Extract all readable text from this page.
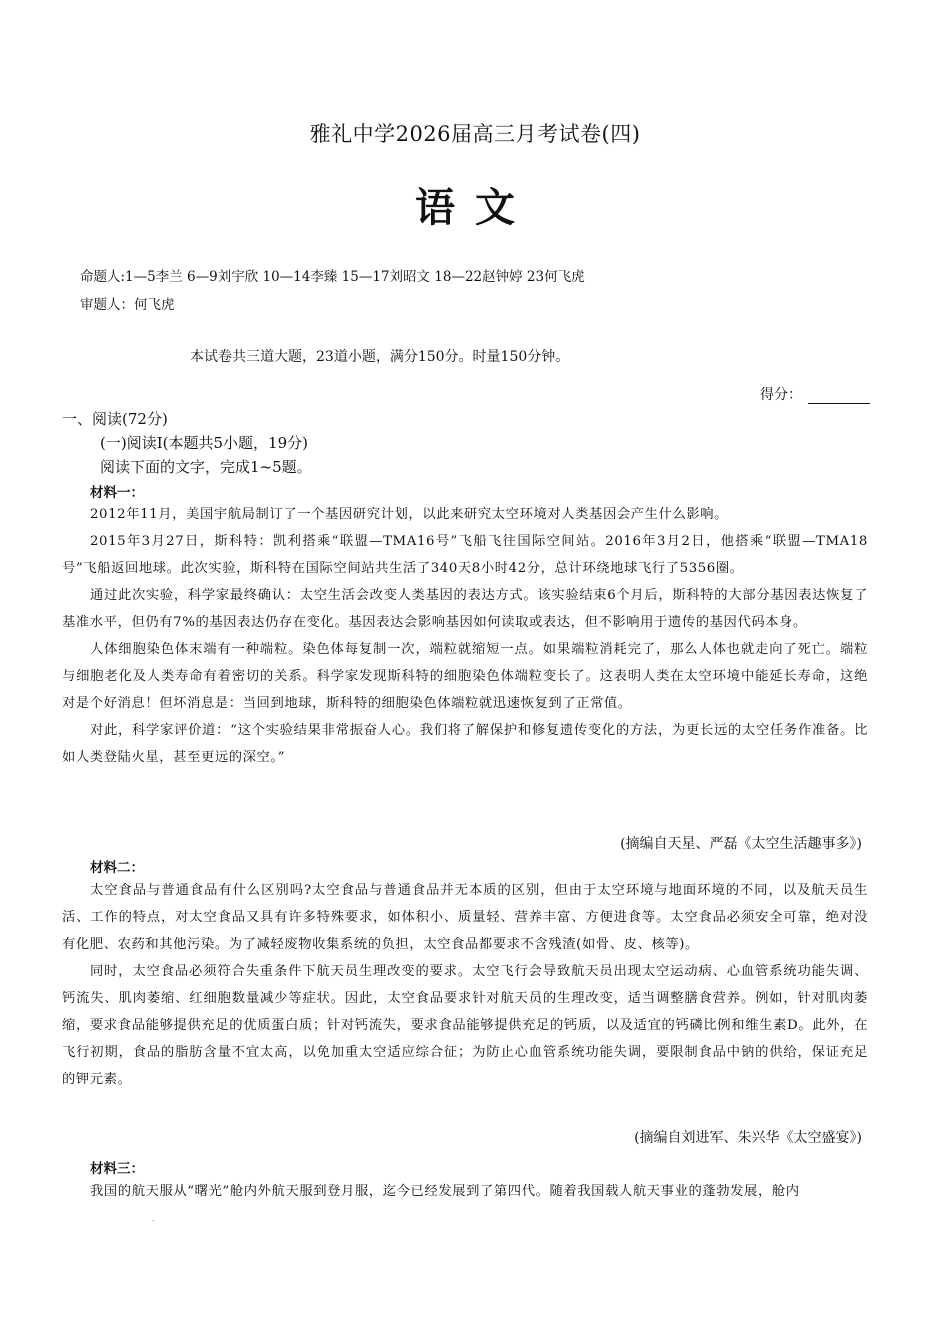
雅礼中学2026届高三月考试卷(四)
语文
命题人:1—5李兰 6—9刘宇欣 10—14李臻 15—17刘昭文 18—22赵钟婷 23何飞虎
审题人：何飞虎
本试卷共三道大题，23道小题，满分150分。时量150分钟。
得分：
一、阅读(72分)
(一)阅读Ⅰ(本题共5小题，19分)
阅读下面的文字，完成1~5题。
材料一：

2012年11月，美国宇航局制订了一个基因研究计划，以此来研究太空环境对人类基因会产生什么影响。

2015年3月27日，斯科特：凯利搭乘“联盟—TMA16号”飞船飞往国际空间站。2016年3月2日，他搭乘“联盟—TMA18号”飞船返回地球。此次实验，斯科特在国际空间站共生活了340天8小时42分，总计环绕地球飞行了5356圈。

通过此次实验，科学家最终确认：太空生活会改变人类基因的表达方式。该实验结束6个月后，斯科特的大部分基因表达恢复了基准水平，但仍有7%的基因表达仍存在变化。基因表达会影响基因如何读取或表达，但不影响用于遗传的基因代码本身。

人体细胞染色体末端有一种端粒。染色体每复制一次，端粒就缩短一点。如果端粒消耗完了，那么人体也就走向了死亡。端粒与细胞老化及人类寿命有着密切的关系。科学家发现斯科特的细胞染色体端粒变长了。这表明人类在太空环境中能延长寿命，这绝对是个好消息！但坏消息是：当回到地球，斯科特的细胞染色体端粒就迅速恢复到了正常值。

对此，科学家评价道：“这个实验结果非常振奋人心。我们将了解保护和修复遗传变化的方法，为更长远的太空任务作准备。比如人类登陆火星，甚至更远的深空。”

(摘编自天星、严磊《太空生活趣事多》)
材料二：

太空食品与普通食品有什么区别吗?太空食品与普通食品并无本质的区别，但由于太空环境与地面环境的不同，以及航天员生活、工作的特点，对太空食品又具有许多特殊要求，如体积小、质量轻、营养丰富、方便进食等。太空食品必须安全可靠，绝对没有化肥、农药和其他污染。为了减轻废物收集系统的负担，太空食品都要求不含残渣(如骨、皮、核等)。

同时，太空食品必须符合失重条件下航天员生理改变的要求。太空飞行会导致航天员出现太空运动病、心血管系统功能失调、钙流失、肌肉萎缩、红细胞数量减少等症状。因此，太空食品要求针对航天员的生理改变，适当调整膳食营养。例如，针对肌肉萎缩，要求食品能够提供充足的优质蛋白质；针对钙流失，要求食品能够提供充足的钙质，以及适宜的钙磷比例和维生素D。此外，在飞行初期，食品的脂肪含量不宜太高，以免加重太空适应综合征；为防止心血管系统功能失调，要限制食品中钠的供给，保证充足的钾元素。

(摘编自刘进军、朱兴华《太空盛宴》)
材料三：

我国的航天服从“曙光”舱内外航天服到登月服，迄今已经发展到了第四代。随着我国载人航天事业的蓬勃发展，舱内

.
